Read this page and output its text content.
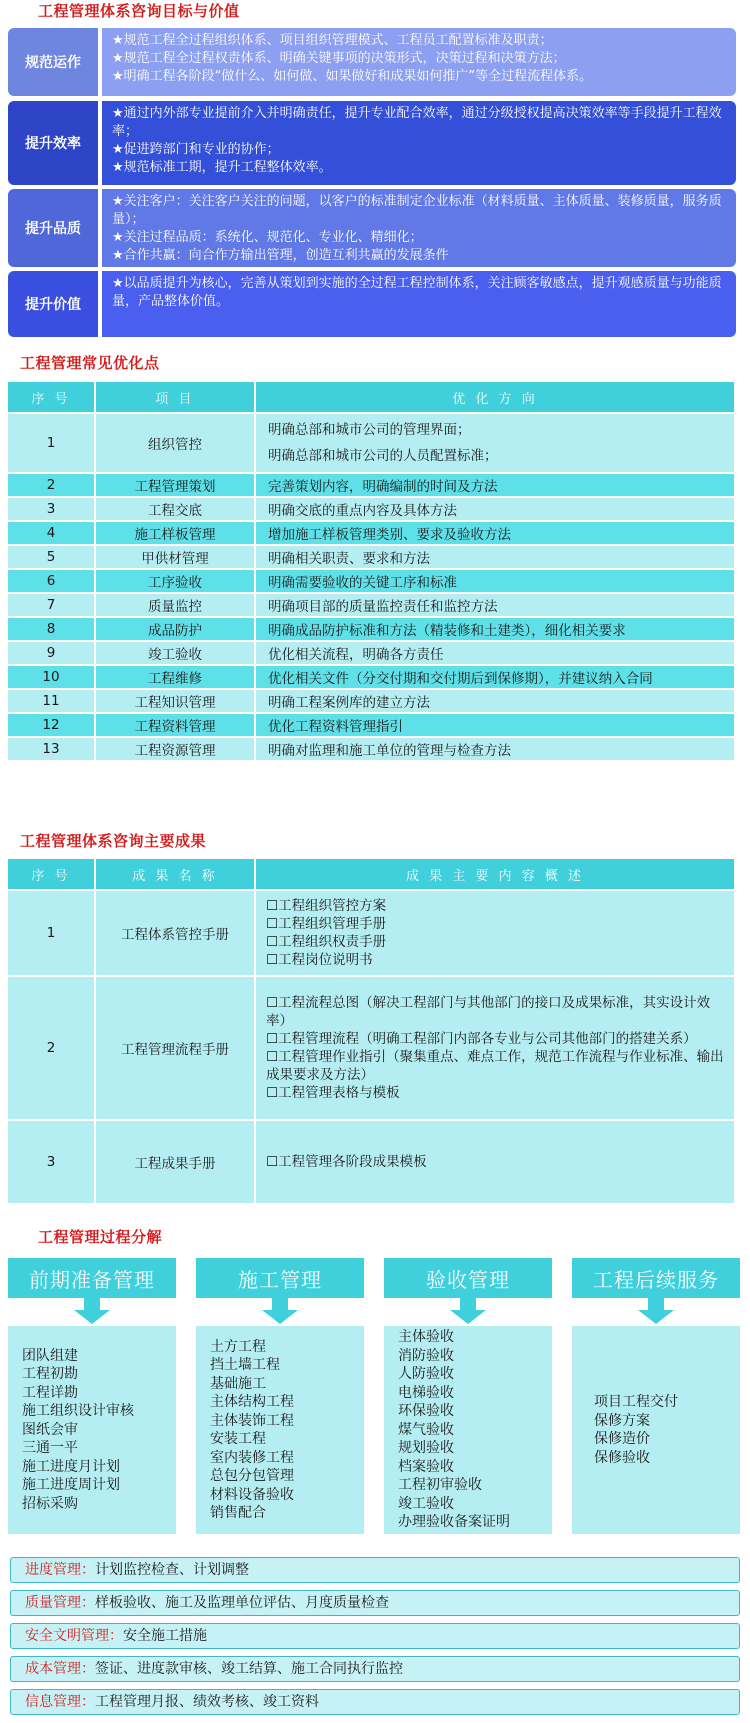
工程管理体系咨询目标与价值
规范运作
★规范工程全过程组织体系、项目组织管理模式、工程员工配置标准及职责；
★规范工程全过程权责体系、明确关键事项的决策形式，决策过程和决策方法；
★明确工程各阶段“做什么、如何做、如果做好和成果如何推广”等全过程流程体系。
提升效率
★通过内外部专业提前介入并明确责任，提升专业配合效率，通过分级授权提高决策效率等手段提升工程效率；
★促进跨部门和专业的协作；
★规范标准工期，提升工程整体效率。
提升品质
★关注客户：关注客户关注的问题，以客户的标准制定企业标准（材料质量、主体质量、装修质量，服务质量）；
★关注过程品质：系统化、规范化、专业化、精细化；
★合作共赢：向合作方输出管理，创造互利共赢的发展条件
提升价值
★以品质提升为核心，完善从策划到实施的全过程工程控制体系，关注顾客敏感点，提升观感质量与功能质量，产品整体价值。
工程管理常见优化点
序 号	项 目	优 化 方 向
1	组织管控	明确总部和城市公司的管理界面；
明确总部和城市公司的人员配置标准；

2	工程管理策划	完善策划内容，明确编制的时间及方法

3	工程交底	明确交底的重点内容及具体方法

4	施工样板管理	增加施工样板管理类别、要求及验收方法

5	甲供材管理	明确相关职责、要求和方法

6	工序验收	明确需要验收的关键工序和标准

7	质量监控	明确项目部的质量监控责任和监控方法

8	成品防护	明确成品防护标准和方法（精装修和土建类），细化相关要求

9	竣工验收	优化相关流程，明确各方责任

10	工程维修	优化相关文件（分交付期和交付期后到保修期），并建议纳入合同

11	工程知识管理	明确工程案例库的建立方法

12	工程资料管理	优化工程资料管理指引

13	工程资源管理	明确对监理和施工单位的管理与检查方法
工程管理体系咨询主要成果
序 号	成 果 名 称	成 果 主 要 内 容 概 述
1	工程体系管控手册	☐工程组织管控方案
☐工程组织管理手册
☐工程组织权责手册
☐工程岗位说明书

2	工程管理流程手册	☐工程流程总图（解决工程部门与其他部门的接口及成果标准，其实设计效率）
☐工程管理流程（明确工程部门内部各专业与公司其他部门的搭建关系）
☐工程管理作业指引（聚集重点、难点工作，规范工作流程与作业标准、输出成果要求及方法）
☐工程管理表格与模板

3	工程成果手册	☐工程管理各阶段成果模板
工程管理过程分解
前期准备管理
团队组建
工程初勘
工程详勘
施工组织设计审核
图纸会审
三通一平
施工进度月计划
施工进度周计划
招标采购
施工管理
土方工程
挡土墙工程
基础施工
主体结构工程
主体装饰工程
安装工程
室内装修工程
总包分包管理
材料设备验收
销售配合
验收管理
主体验收
消防验收
人防验收
电梯验收
环保验收
煤气验收
规划验收
档案验收
工程初审验收
竣工验收
办理验收备案证明
工程后续服务
项目工程交付
保修方案
保修造价
保修验收
进度管理：计划监控检查、计划调整
质量管理：样板验收、施工及监理单位评估、月度质量检查
安全文明管理：安全施工措施
成本管理：签证、进度款审核、竣工结算、施工合同执行监控
信息管理：工程管理月报、绩效考核、竣工资料
